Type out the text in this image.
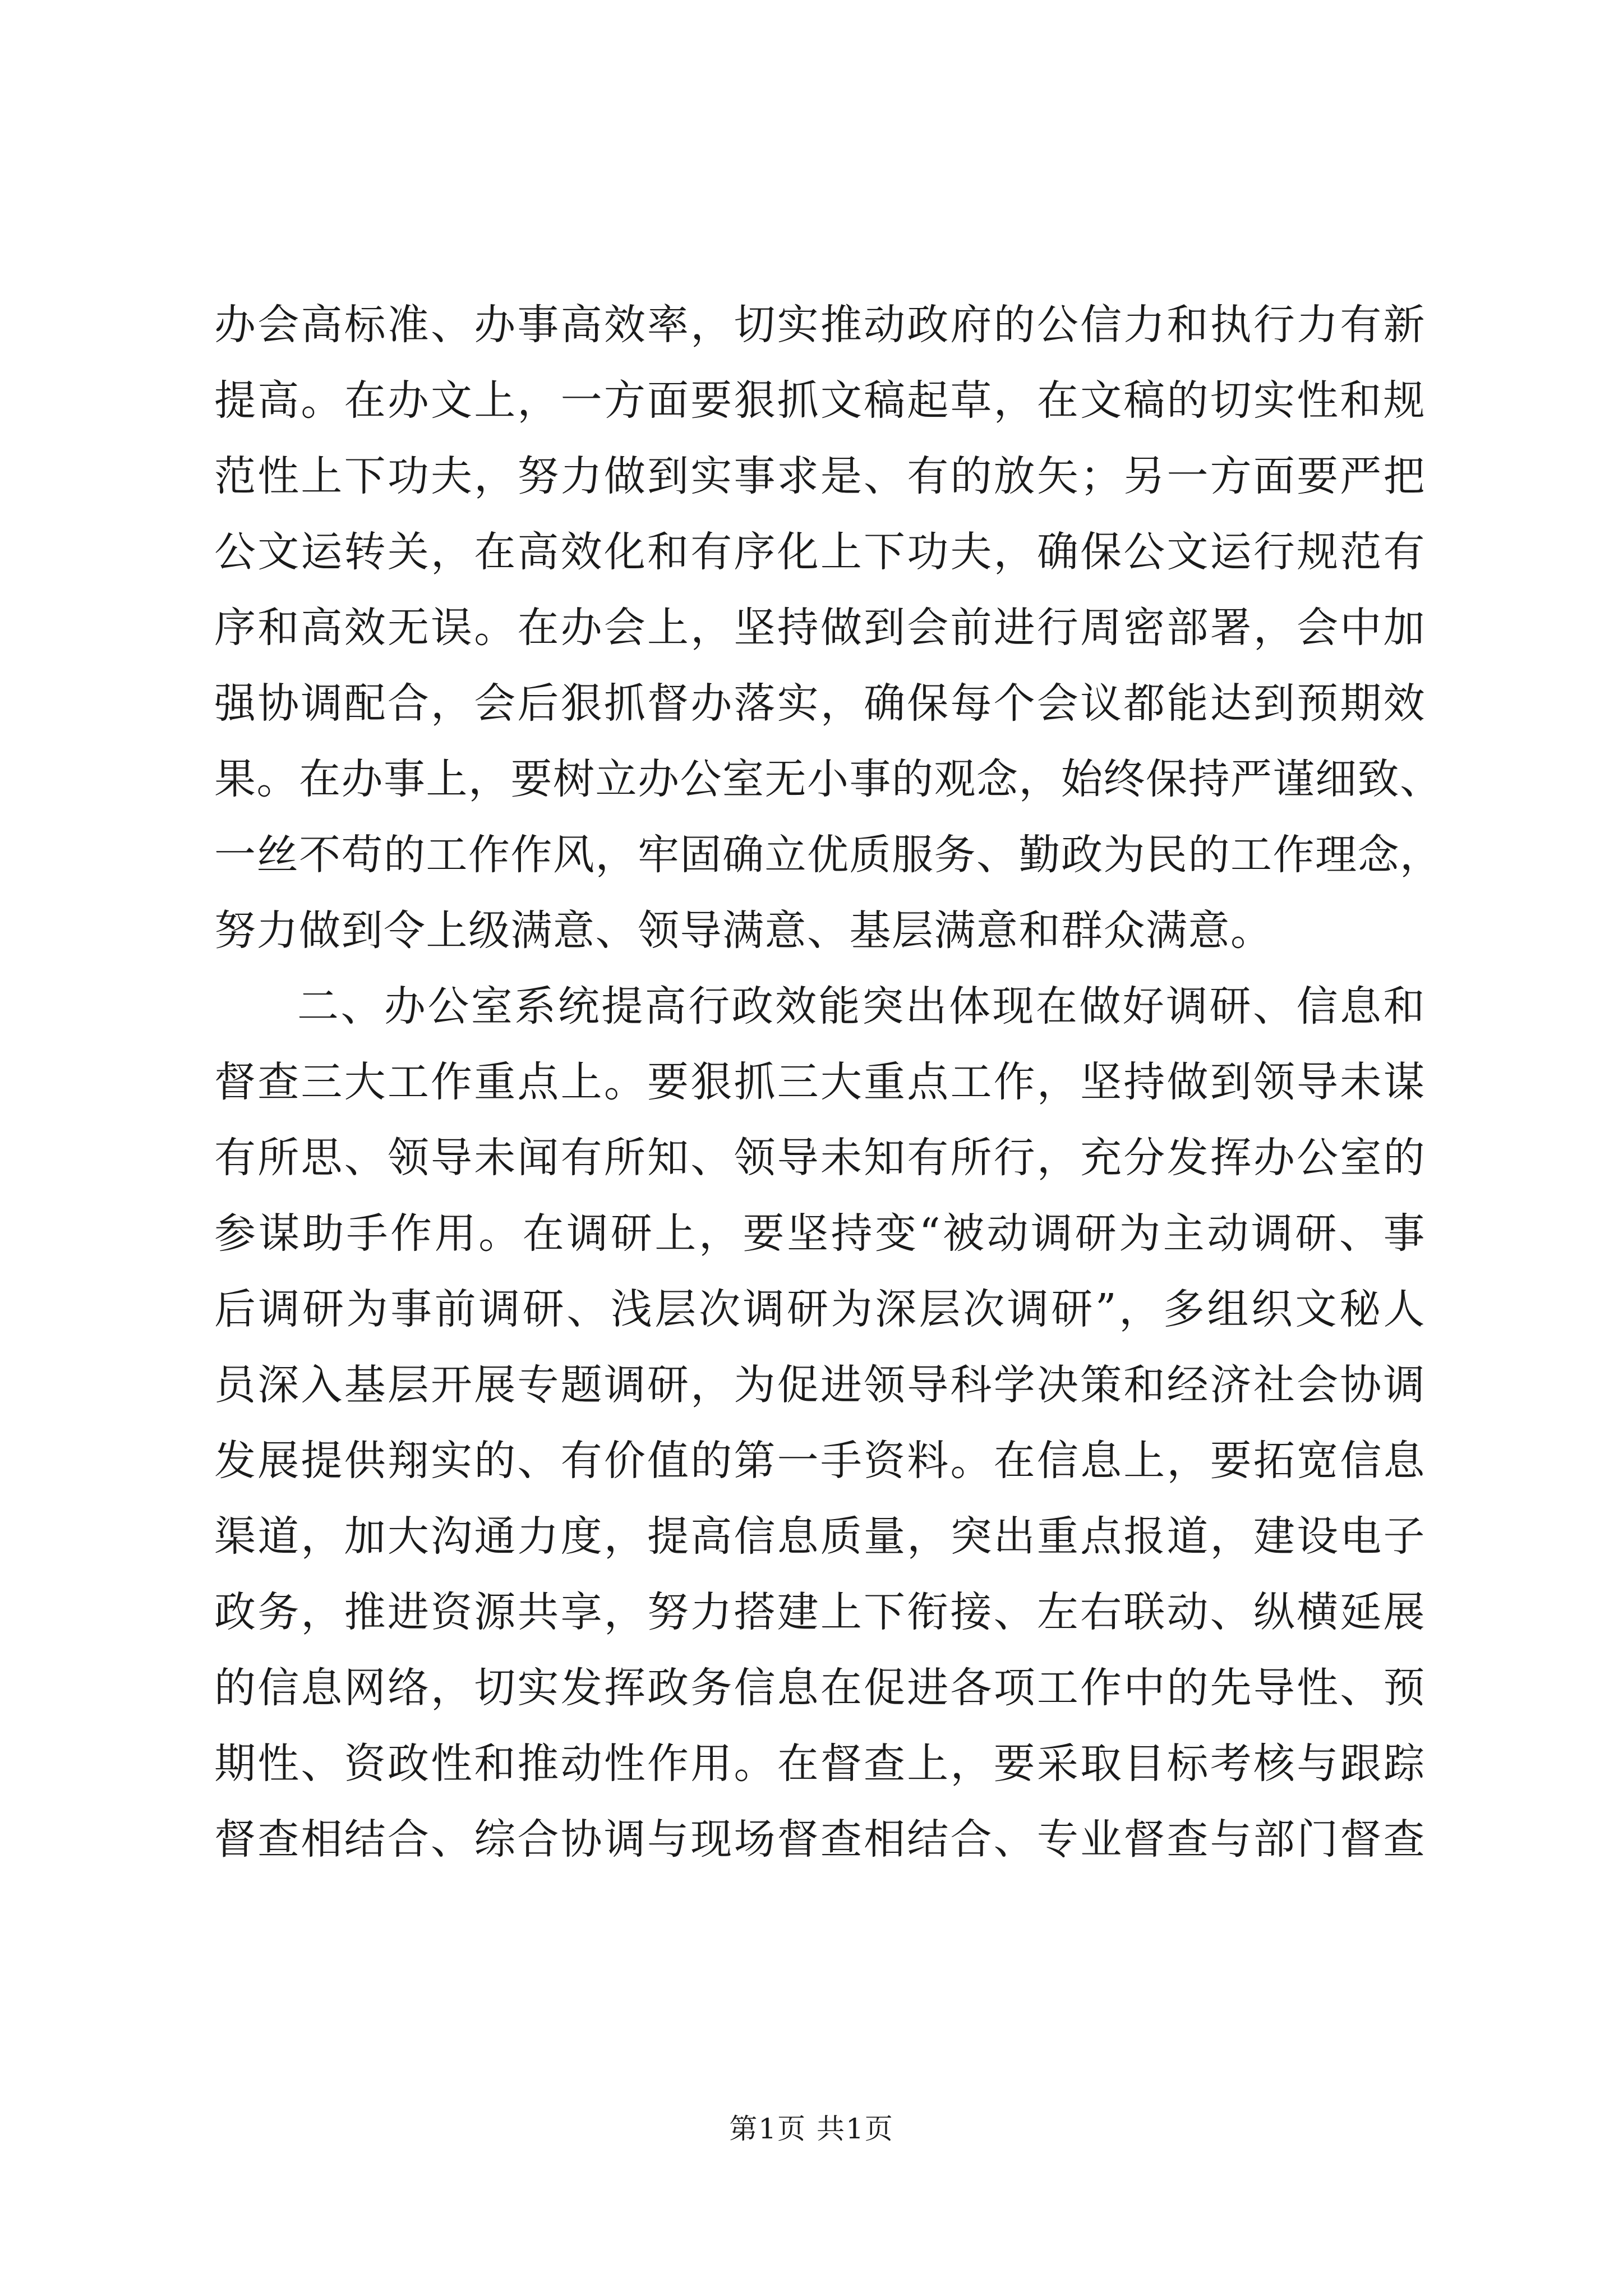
办会高标准、办事高效率，切实推动政府的公信力和执行力有新
提高。在办文上，一方面要狠抓文稿起草，在文稿的切实性和规
范性上下功夫，努力做到实事求是、有的放矢；另一方面要严把
公文运转关，在高效化和有序化上下功夫，确保公文运行规范有
序和高效无误。在办会上，坚持做到会前进行周密部署，会中加
强协调配合，会后狠抓督办落实，确保每个会议都能达到预期效
果。在办事上，要树立办公室无小事的观念，始终保持严谨细致、
一丝不苟的工作作风，牢固确立优质服务、勤政为民的工作理念，
努力做到令上级满意、领导满意、基层满意和群众满意。
二、办公室系统提高行政效能突出体现在做好调研、信息和
督查三大工作重点上。要狠抓三大重点工作，坚持做到领导未谋
有所思、领导未闻有所知、领导未知有所行，充分发挥办公室的
参谋助手作用。在调研上，要坚持变“被动调研为主动调研、事
后调研为事前调研、浅层次调研为深层次调研”，多组织文秘人
员深入基层开展专题调研，为促进领导科学决策和经济社会协调
发展提供翔实的、有价值的第一手资料。在信息上，要拓宽信息
渠道，加大沟通力度，提高信息质量，突出重点报道，建设电子
政务，推进资源共享，努力搭建上下衔接、左右联动、纵横延展
的信息网络，切实发挥政务信息在促进各项工作中的先导性、预
期性、资政性和推动性作用。在督查上，要采取目标考核与跟踪
督查相结合、综合协调与现场督查相结合、专业督查与部门督查
第1页 共1页
